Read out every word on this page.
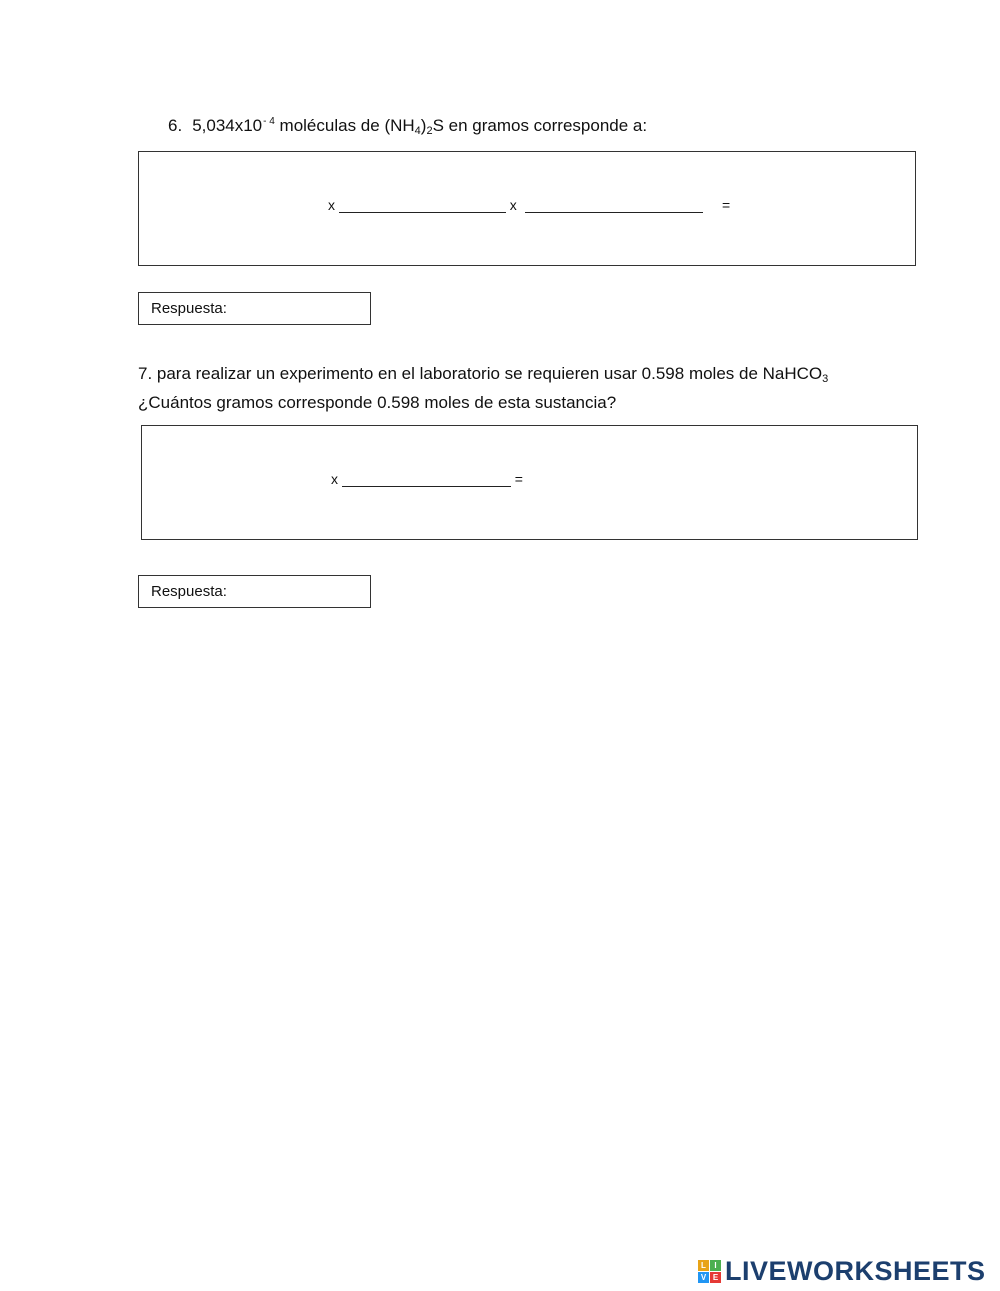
6. $5,034x10^{- 4}$ moléculas de $(NH_4)_2S$ en gramos corresponde a:
x	x	=
Respuesta:
7. para realizar un experimento en el laboratorio se requieren usar 0.598 moles de NaHCO$_3$
¿Cuántos gramos corresponde 0.598 moles de esta sustancia?
x	=
Respuesta:
L	I
V E LIVEWORKSHEETS
